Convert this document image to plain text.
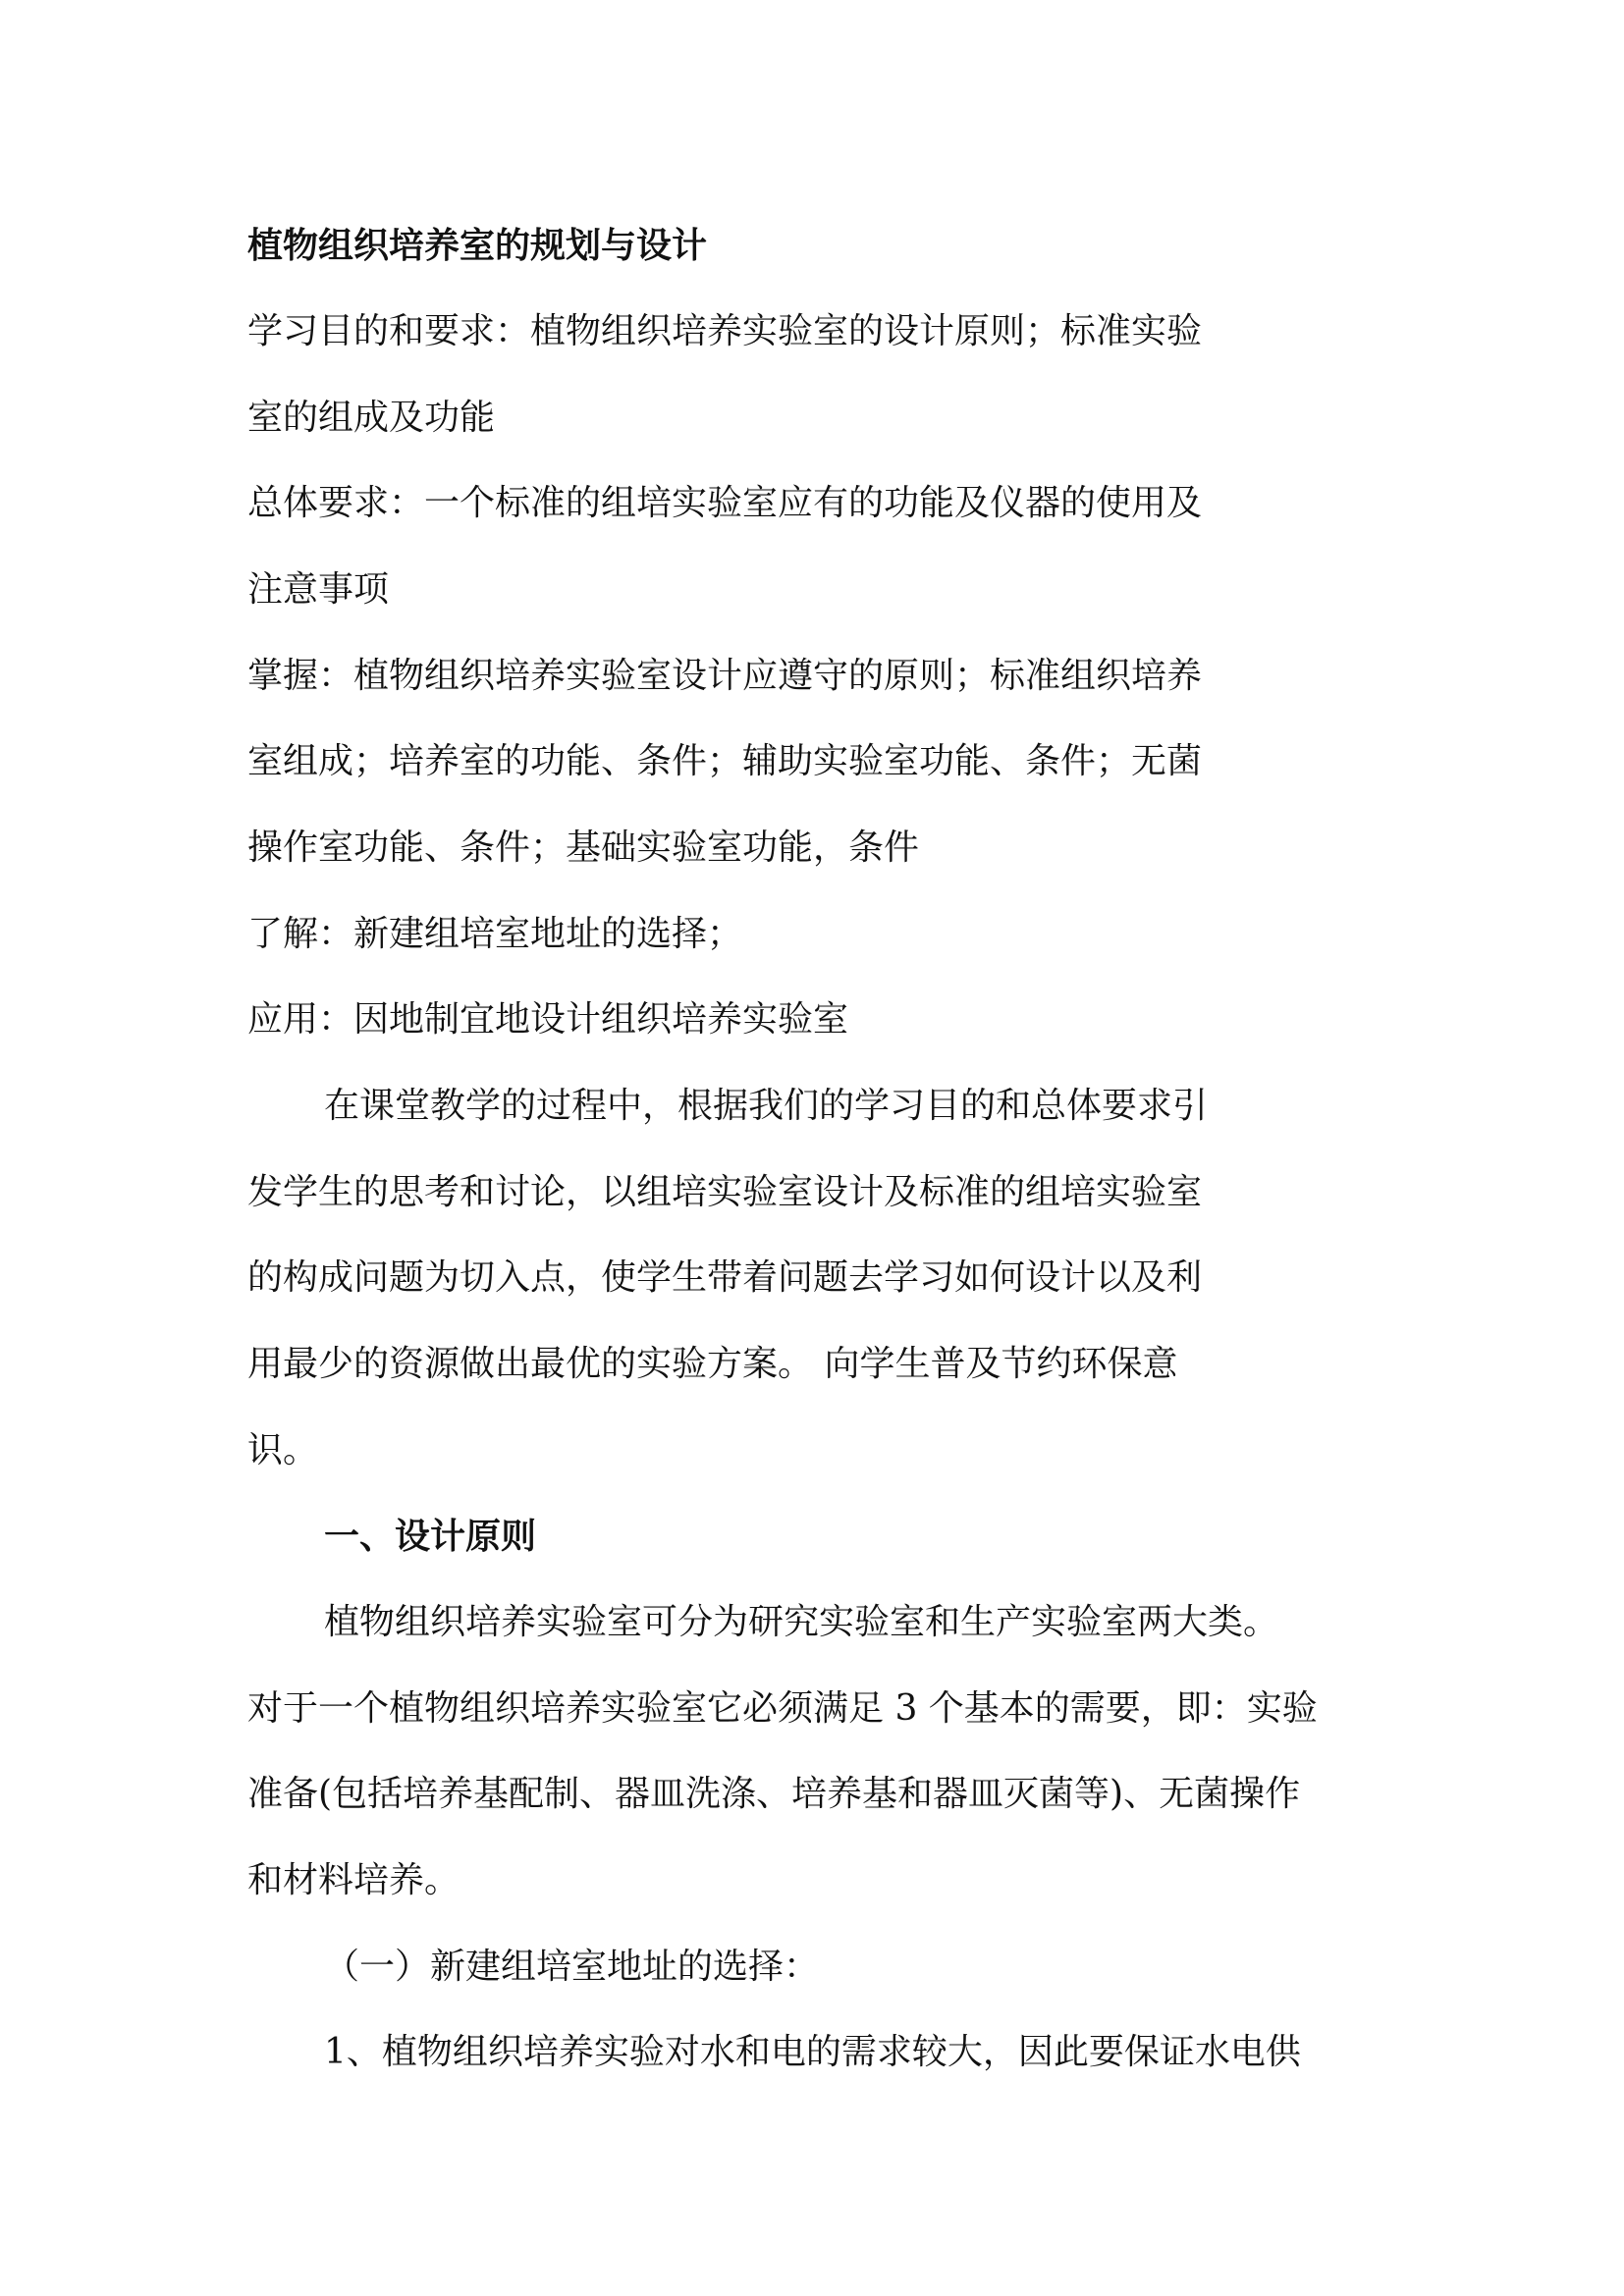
植物组织培养室的规划与设计

学习目的和要求：植物组织培养实验室的设计原则；标准实验

室的组成及功能

总体要求：一个标准的组培实验室应有的功能及仪器的使用及

注意事项

掌握：植物组织培养实验室设计应遵守的原则；标准组织培养

室组成；培养室的功能、条件；辅助实验室功能、条件；无菌

操作室功能、条件；基础实验室功能，条件

了解：新建组培室地址的选择；

应用：因地制宜地设计组织培养实验室

在课堂教学的过程中，根据我们的学习目的和总体要求引

发学生的思考和讨论，以组培实验室设计及标准的组培实验室

的构成问题为切入点，使学生带着问题去学习如何设计以及利

用最少的资源做出最优的实验方案。 向学生普及节约环保意

识。

一、设计原则

植物组织培养实验室可分为研究实验室和生产实验室两大类。

对于一个植物组织培养实验室它必须满足 3 个基本的需要，即：实验

准备(包括培养基配制、器皿洗涤、培养基和器皿灭菌等)、无菌操作

和材料培养。

（一）新建组培室地址的选择：

1、植物组织培养实验对水和电的需求较大，因此要保证水电供
